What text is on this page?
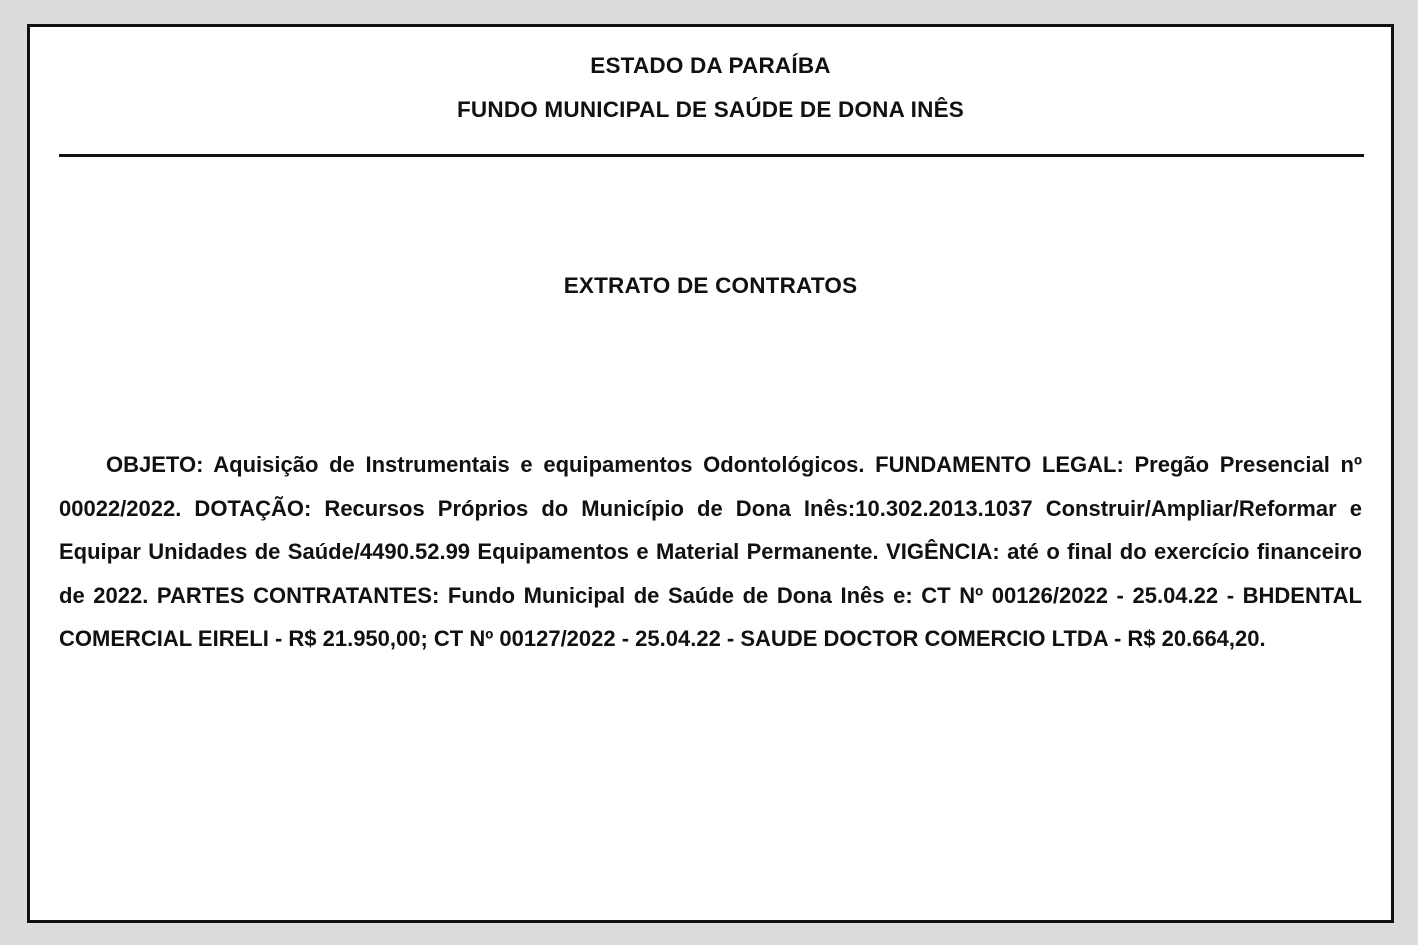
ESTADO DA PARAÍBA

FUNDO MUNICIPAL DE SAÚDE DE DONA INÊS

EXTRATO DE CONTRATOS

OBJETO: Aquisição de Instrumentais e equipamentos Odontológicos. FUNDAMENTO LEGAL: Pregão Presencial nº 00022/2022. DOTAÇÃO: Recursos Próprios do Município de Dona Inês:10.302.2013.1037 Construir/Ampliar/Reformar e Equipar Unidades de Saúde/4490.52.99 Equipamentos e Material Permanente. VIGÊNCIA: até o final do exercício financeiro de 2022. PARTES CONTRATANTES: Fundo Municipal de Saúde de Dona Inês e: CT Nº 00126/2022 - 25.04.22 - BHDENTAL COMERCIAL EIRELI - R$ 21.950,00; CT Nº 00127/2022 - 25.04.22 - SAUDE DOCTOR COMERCIO LTDA - R$ 20.664,20.
